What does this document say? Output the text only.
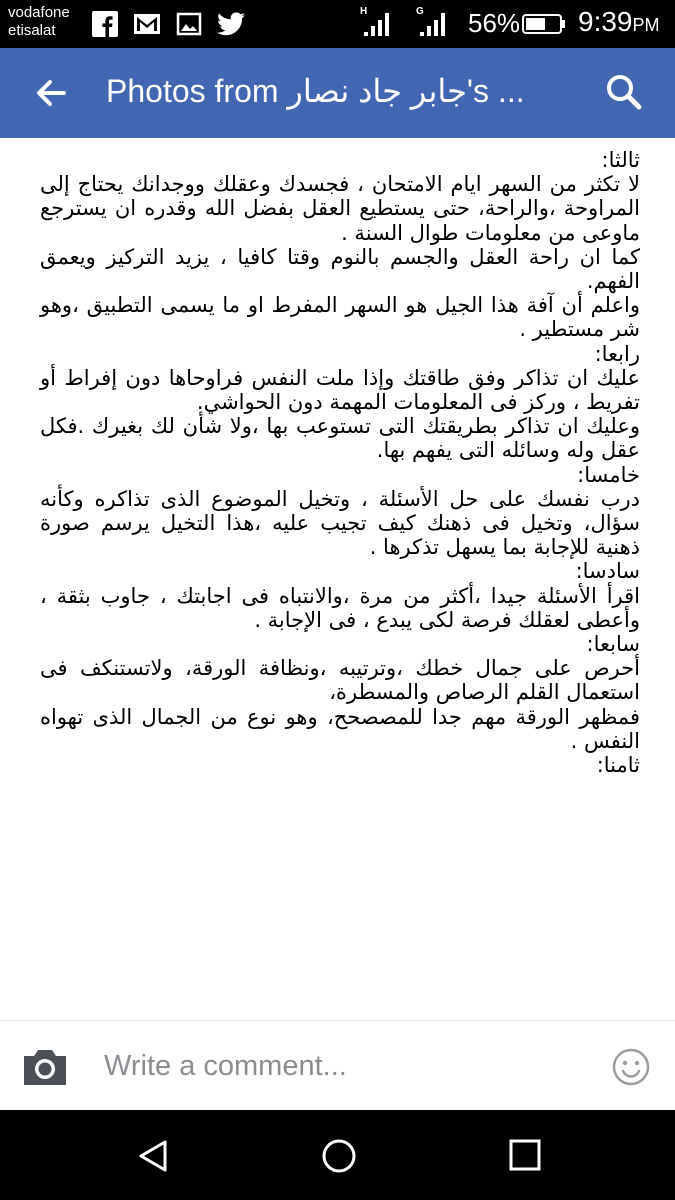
vodafone
etisalat
H	G 56% 9:39PM
Photos from جابر جاد نصار's ...

ثالثا:

لا تكثر من السهر ايام الامتحان ، فجسدك وعقلك ووجدانك يحتاج إلى المراوحة ،والراحة، حتى يستطيع العقل بفضل الله وقدره ان يسترجع ماوعى من معلومات طوال السنة .

كما ان راحة العقل والجسم بالنوم وقتا كافيا ، يزيد التركيز ويعمق الفهم.

واعلم أن آفة هذا الجيل هو السهر المفرط او ما يسمى التطبيق ،وهو شر مستطير .

رابعا:

عليك ان تذاكر وفق طاقتك وإذا ملت النفس فراوحاها دون إفراط أو تفريط ، وركز فى المعلومات المهمة دون الحواشي.

وعليك ان تذاكر بطريقتك التى تستوعب بها ،ولا شأن لك بغيرك .فكل عقل وله وسائله التى يفهم بها.

خامسا:

درب نفسك على حل الأسئلة ، وتخيل الموضوع الذى تذاكره وكأنه سؤال، وتخيل فى ذهنك كيف تجيب عليه ،هذا التخيل يرسم صورة ذهنية للإجابة بما يسهل تذكرها .

سادسا:

اقرأ الأسئلة جيدا ،أكثر من مرة ،والانتباه فى اجابتك ، جاوب بثقة ، وأعطى لعقلك فرصة لكى يبدع ، فى الإجابة .

سابعا:

أحرص على جمال خطك ،وترتيبه ،ونظافة الورقة، ولاتستنكف فى استعمال القلم الرصاص والمسطرة،

فمظهر الورقة مهم جدا للمصصحح، وهو نوع من الجمال الذى تهواه النفس .

ثامنا:

Write a comment...
